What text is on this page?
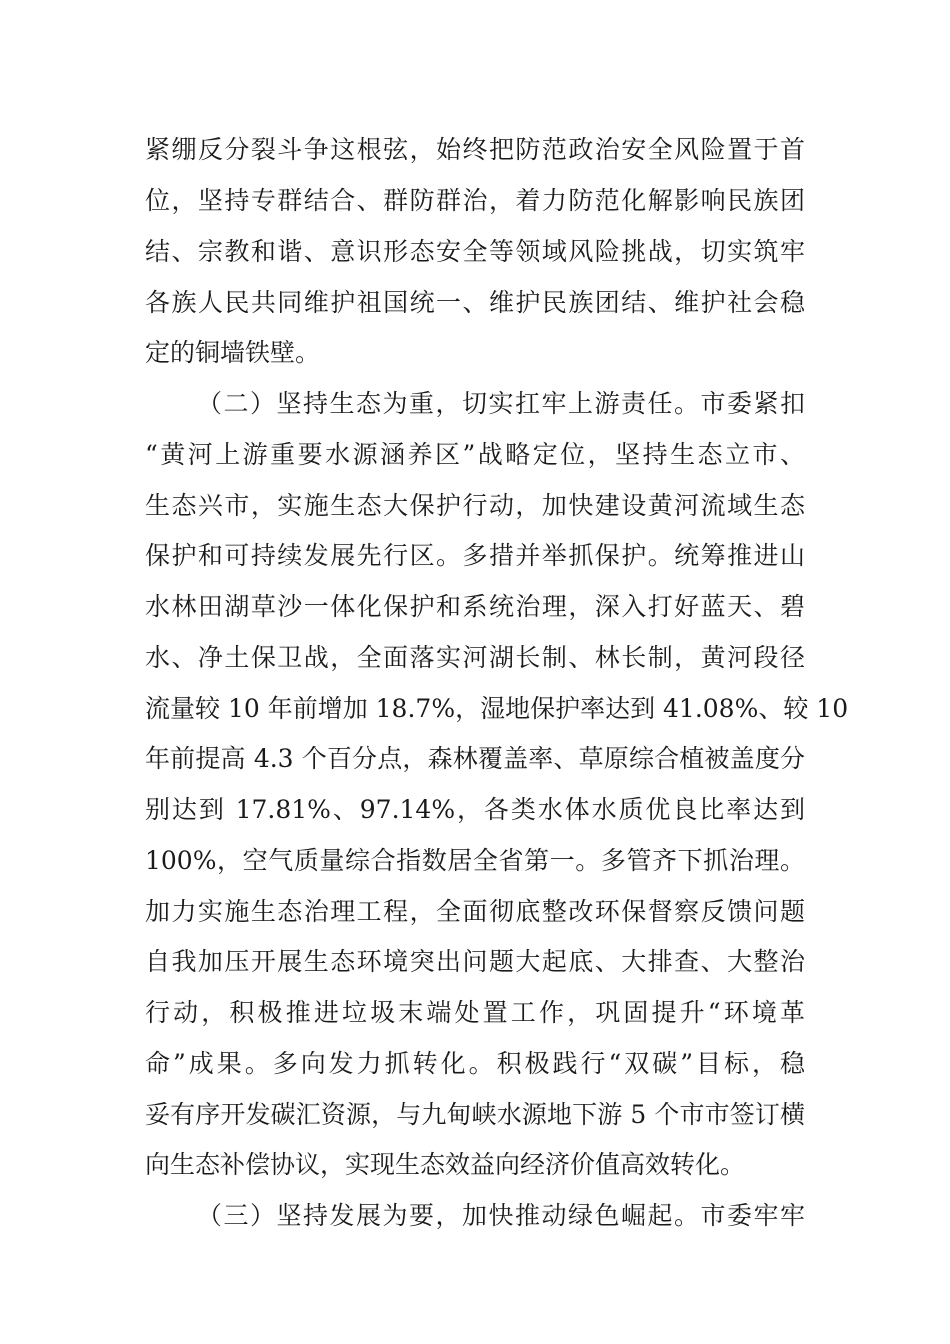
紧绷反分裂斗争这根弦，始终把防范政治安全风险置于首
位，坚持专群结合、群防群治，着力防范化解影响民族团
结、宗教和谐、意识形态安全等领域风险挑战，切实筑牢
各族人民共同维护祖国统一、维护民族团结、维护社会稳
定的铜墙铁壁。
（二）坚持生态为重，切实扛牢上游责任。市委紧扣
“黄河上游重要水源涵养区”战略定位，坚持生态立市、
生态兴市，实施生态大保护行动，加快建设黄河流域生态
保护和可持续发展先行区。多措并举抓保护。统筹推进山
水林田湖草沙一体化保护和系统治理，深入打好蓝天、碧
水、净土保卫战，全面落实河湖长制、林长制，黄河段径
流量较 10 年前增加 18.7%，湿地保护率达到 41.08%、较 10
年前提高 4.3 个百分点，森林覆盖率、草原综合植被盖度分
别达到 17.81%、97.14%，各类水体水质优良比率达到
100%，空气质量综合指数居全省第一。多管齐下抓治理。
加力实施生态治理工程，全面彻底整改环保督察反馈问题
自我加压开展生态环境突出问题大起底、大排查、大整治
行动，积极推进垃圾末端处置工作，巩固提升“环境革
命”成果。多向发力抓转化。积极践行“双碳”目标，稳
妥有序开发碳汇资源，与九甸峡水源地下游 5 个市市签订横
向生态补偿协议，实现生态效益向经济价值高效转化。
（三）坚持发展为要，加快推动绿色崛起。市委牢牢
